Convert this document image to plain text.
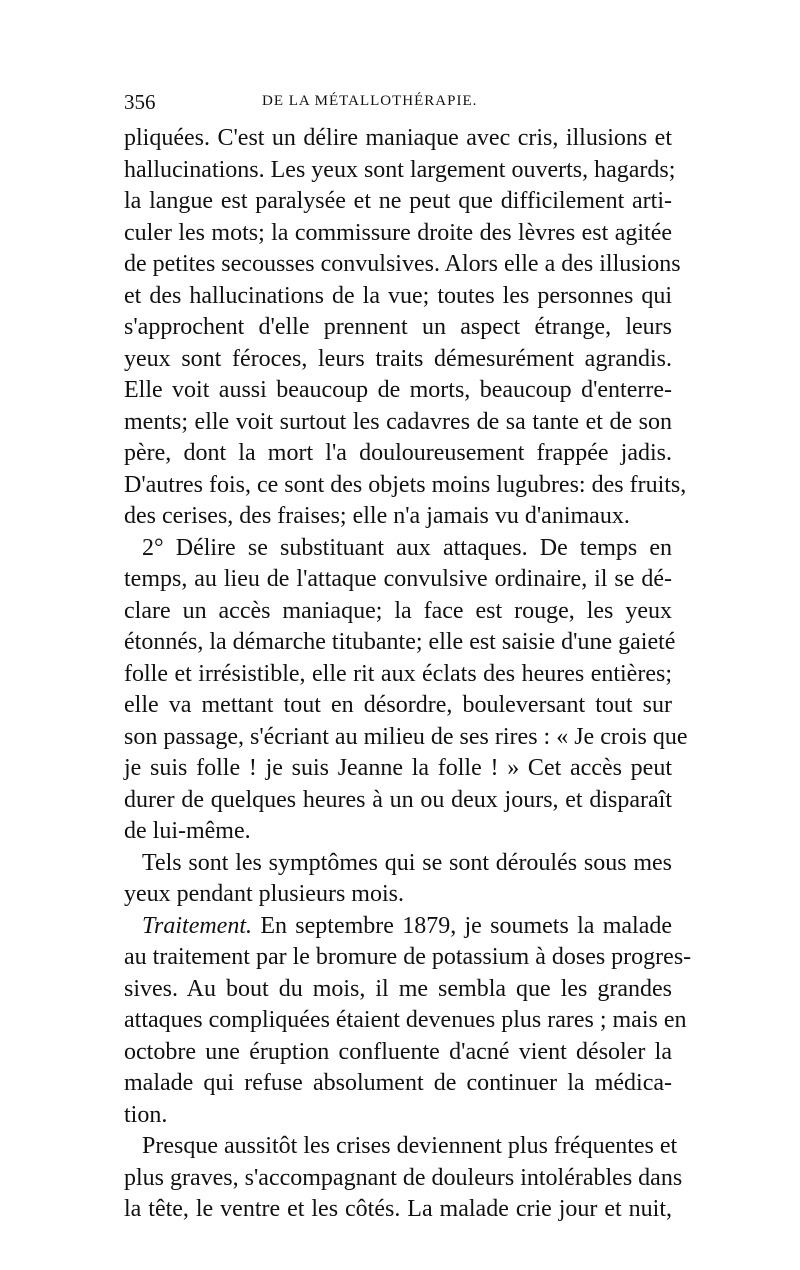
356	DE LA MÉTALLOTHÉRAPIE.
pliquées. C'est un délire maniaque avec cris, illusions et
hallucinations. Les yeux sont largement ouverts, hagards;
la langue est paralysée et ne peut que difficilement arti-
culer les mots; la commissure droite des lèvres est agitée
de petites secousses convulsives. Alors elle a des illusions
et des hallucinations de la vue; toutes les personnes qui
s'approchent d'elle prennent un aspect étrange, leurs
yeux sont féroces, leurs traits démesurément agrandis.
Elle voit aussi beaucoup de morts, beaucoup d'enterre-
ments; elle voit surtout les cadavres de sa tante et de son
père, dont la mort l'a douloureusement frappée jadis.
D'autres fois, ce sont des objets moins lugubres: des fruits,
des cerises, des fraises; elle n'a jamais vu d'animaux.
2° Délire se substituant aux attaques. De temps en
temps, au lieu de l'attaque convulsive ordinaire, il se dé-
clare un accès maniaque; la face est rouge, les yeux
étonnés, la démarche titubante; elle est saisie d'une gaieté
folle et irrésistible, elle rit aux éclats des heures entières;
elle va mettant tout en désordre, bouleversant tout sur
son passage, s'écriant au milieu de ses rires : « Je crois que
je suis folle ! je suis Jeanne la folle ! » Cet accès peut
durer de quelques heures à un ou deux jours, et disparaît
de lui-même.
Tels sont les symptômes qui se sont déroulés sous mes
yeux pendant plusieurs mois.
Traitement. En septembre 1879, je soumets la malade
au traitement par le bromure de potassium à doses progres-
sives. Au bout du mois, il me sembla que les grandes
attaques compliquées étaient devenues plus rares ; mais en
octobre une éruption confluente d'acné vient désoler la
malade qui refuse absolument de continuer la médica-
tion.
Presque aussitôt les crises deviennent plus fréquentes et
plus graves, s'accompagnant de douleurs intolérables dans
la tête, le ventre et les côtés. La malade crie jour et nuit,
